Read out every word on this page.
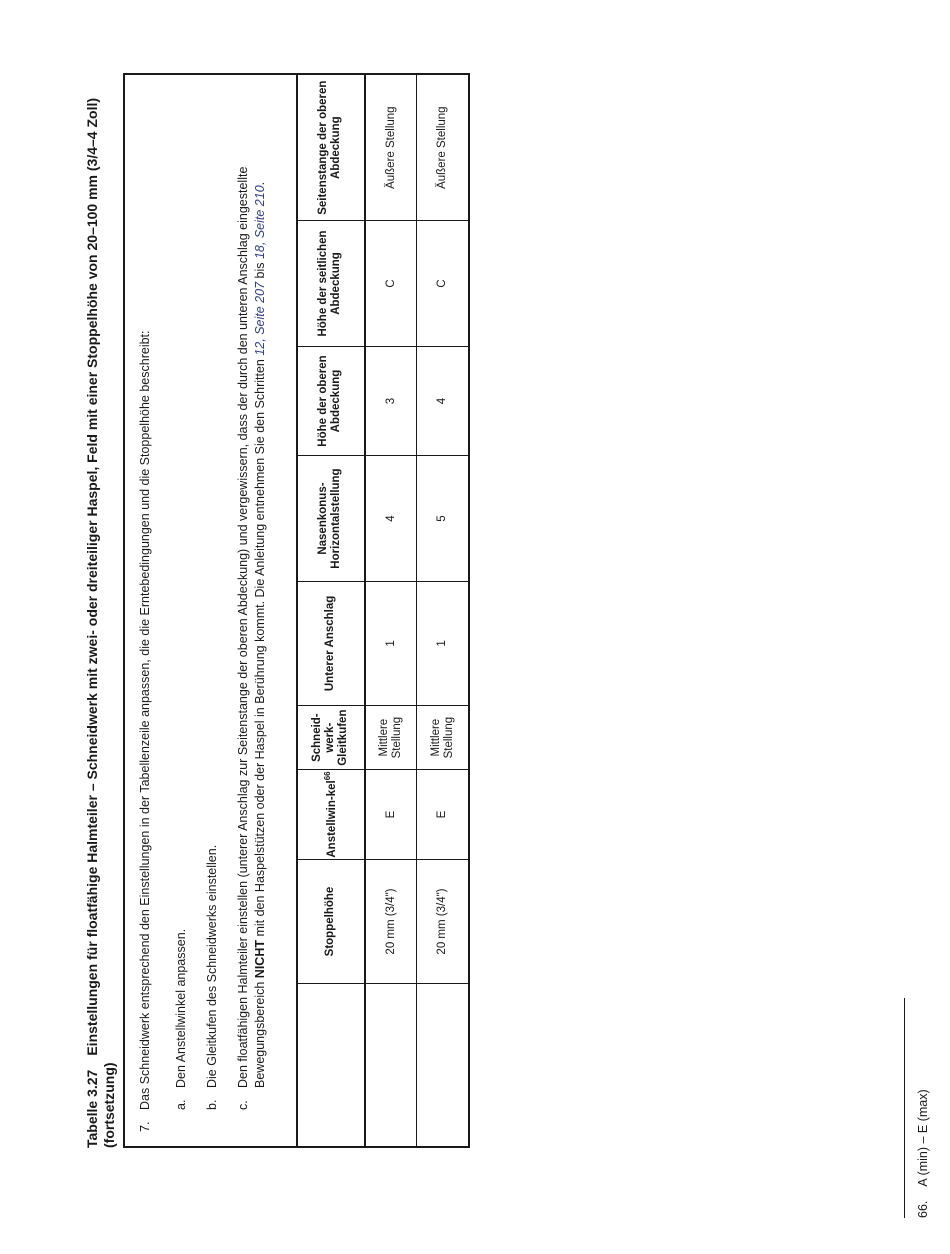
Tabelle 3.27Einstellungen für floatfähige Halmteiler – Schneidwerk mit zwei- oder dreiteiliger Haspel, Feld mit einer Stoppelhöhe von 20–100 mm (3/4–4 Zoll) (fortsetzung) 7.
Das Schneidwerk entsprechend den Einstellungen in der Tabellenzeile anpassen, die die Erntebedingungen und die Stoppelhöhe beschreibt: a.
Den Anstellwinkel anpassen.
b.
Die Gleitkufen des Schneidwerks einstellen.
c.
Den floatfähigen Halmteiler einstellen (unterer Anschlag zur Seitenstange der oberen Abdeckung) und vergewissern, dass der durch den unteren Anschlag eingestellte Bewegungsbereich NICHT mit den Haspelstützen oder der Haspel in Berührung kommt. Die Anleitung entnehmen Sie den Schritten 12, Seite 207 bis 18, Seite 210.
Stoppelhöhe
Anstellwin-kel$^{66}$
Schneid-werk-Gleitkufen
Unterer Anschlag
Nasenkonus-Horizontalstellung
Höhe der oberen Abdeckung
Höhe der seitlichen Abdeckung
Seitenstange der oberen Abdeckung
20 mm (3/4")
E
Mittlere Stellung
1
4
3
C
Äußere Stellung
20 mm (3/4")
E
Mittlere Stellung
1
5
4
C
Äußere Stellung
66.A (min) – E (max)
